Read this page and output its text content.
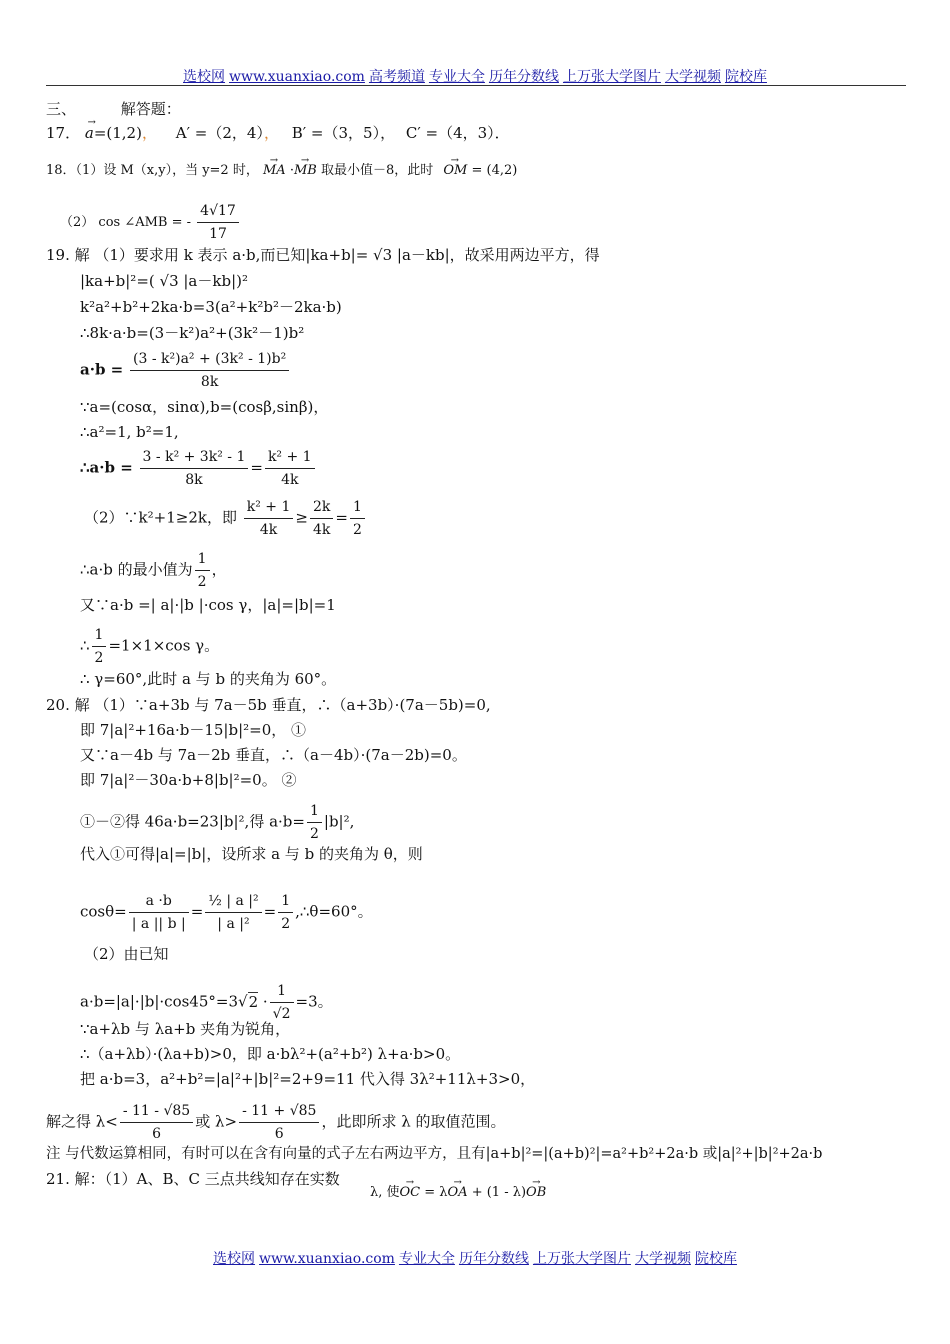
选校网 www.xuanxiao.com 高考频道 专业大全 历年分数线 上万张大学图片 大学视频 院校库
三、	解答题：
17． → a=(1,2)， A′ =（2，4）， B′ =（3，5）， C′ =（4，3）．
18．（1）设 M（x,y），当 y=2 时， → MA ·→ MB 取最小值－8，此时 → OM = (4,2)
（2） cos ∠AMB = - $\frac{4√17}{17}$
19. 解 （1）要求用 k 表示 a·b,而已知|ka+b|= √3 |a－kb|，故采用两边平方，得
|ka+b|²=( √3 |a－kb|)²
k²a²+b²+2ka·b=3(a²+k²b²－2ka·b)
∴8k·a·b=(3－k²)a²+(3k²－1)b²
$a\cdot b = \frac{\text{(3 - k²)a² + (3k² - 1)b²}}{8k}$
∵a=(cosα，sinα),b=(cosβ,sinβ)，
∴a²=1, b²=1,
∴a·b = $\frac{\text{3 - k² + 3k² - 1}}{8k} = \frac{\text{k² + 1}}{4k}$
（2）∵k²+1≥2k，即 $\frac{\text{k² + 1}}{4k} \ge \frac{2k}{4k} = \frac{1}{2}$
∴a·b 的最小值为 $\frac{1}{2}$ ，
又∵a·b =| a|·|b |·cos γ，|a|=|b|=1
∴ $\frac{1}{2} =1\times 1\times\cos$ γ。
∴ γ=60°,此时 a 与 b 的夹角为 60°。
20. 解 （1）∵a+3b 与 7a－5b 垂直，∴（a+3b）·(7a－5b)=0,
即 7|a|²+16a·b－15|b|²=0， ①
又∵a－4b 与 7a－2b 垂直，∴（a－4b）·(7a－2b)=0。
即 7|a|²－30a·b+8|b|²=0。 ②
①－②得 46a·b=23|b|²,得 $a\cdot b= \frac{1}{2} |b|^2$,
代入①可得|a|=|b|，设所求 a 与 b 的夹角为 θ，则
$\cos\theta= \frac{a \cdot b}{| a || b |} = \frac{\text{½ | a |²}}{\text{| a |²}} = \frac{1}{2}$ ,∴θ=60°。
（2）由已知
$a\cdot b=|a|\cdot|b|\cdot\cos 45^\circ=3√2 \cdot \frac{1}{√2} =3$。
∵a+λb 与 λa+b 夹角为锐角，
∴（a+λb）·(λa+b)>0，即 a·bλ²+(a²+b²) λ+a·b>0。
把 a·b=3，a²+b²=|a|²+|b|²=2+9=11 代入得 3λ²+11λ+3>0，
解之得 $\lambda< \frac{- 11 - √85}{6}$ 或 $\lambda> \frac{- 11 + √85}{6}$ ，此即所求 λ 的取值范围。
注 与代数运算相同，有时可以在含有向量的式子左右两边平方，且有|a+b|²=|(a+b)²|=a²+b²+2a·b 或|a|²+|b|²+2a·b
21. 解：（1）A、B、C 三点共线知存在实数
λ, 使→ OC = λ→ OA + (1 - λ)→ OB
选校网 www.xuanxiao.com 专业大全 历年分数线 上万张大学图片 大学视频 院校库
